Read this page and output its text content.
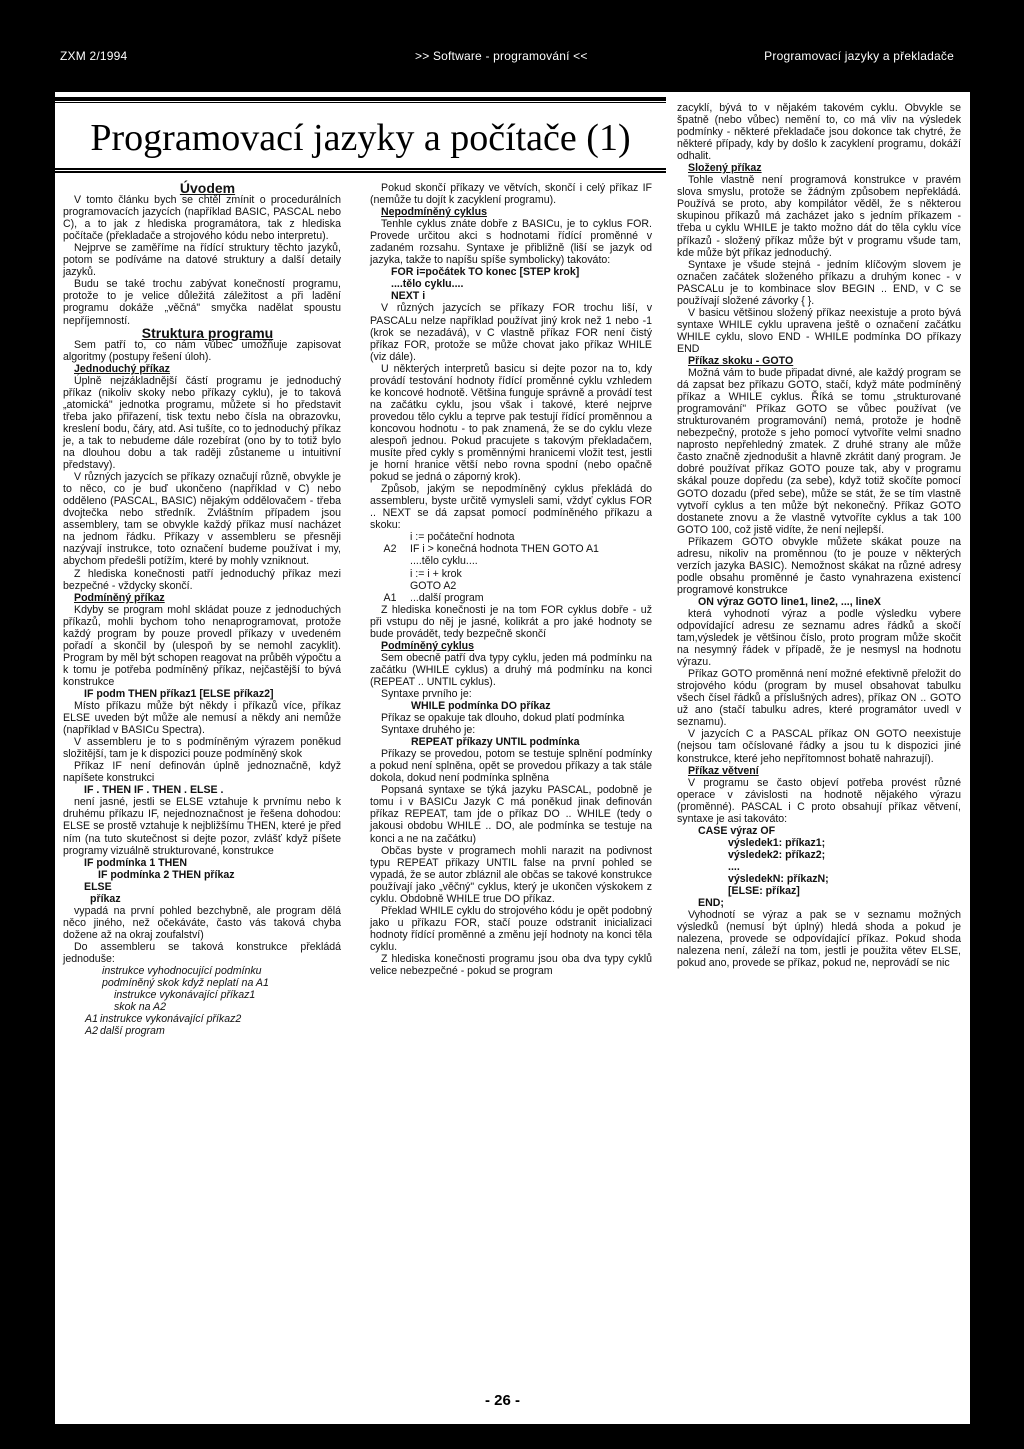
ZXM 2/1994	>> Software - programování <<	Programovací jazyky a překladače
Programovací jazyky a počítače (1)

Úvodem

V tomto článku bych se chtěl zmínit o procedurálních programovacích jazycích (například BASIC, PASCAL nebo C), a to jak z hlediska programátora, tak z hlediska počítače (překladače a strojového kódu nebo interpretu).

Nejprve se zaměříme na řídící struktury těchto jazyků, potom se podíváme na datové struktury a další detaily jazyků.

Budu se také trochu zabývat konečností programu, protože to je velice důležitá záležitost a při ladění programu dokáže „věčná" smyčka nadělat spoustu nepříjemností.

Struktura programu

Sem patří to, co nám vůbec umožňuje zapisovat algoritmy (postupy řešení úloh).

Jednoduchý příkaz

Úplně nejzákladnější částí programu je jednoduchý příkaz (nikoliv skoky nebo příkazy cyklu), je to taková „atomická" jednotka programu, můžete si ho představit třeba jako přiřazení, tisk textu nebo čísla na obrazovku, kreslení bodu, čáry, atd. Asi tušíte, co to jednoduchý příkaz je, a tak to nebudeme dále rozebírat (ono by to totiž bylo na dlouhou dobu a tak raději zůstaneme u intuitivní představy).

V různých jazycích se příkazy označují různě, obvykle je to něco, co je buď ukončeno (například v C) nebo odděleno (PASCAL, BASIC) nějakým oddělovačem - třeba dvojtečka nebo středník. Zvláštním případem jsou assemblery, tam se obvykle každý příkaz musí nacházet na jednom řádku. Příkazy v assembleru se přesněji nazývají instrukce, toto označení budeme používat i my, abychom předešli potížím, které by mohly vzniknout.

Z hlediska konečnosti patří jednoduchý příkaz mezi bezpečné - vždycky skončí.

Podmíněný příkaz

Kdyby se program mohl skládat pouze z jednoduchých příkazů, mohli bychom toho nenaprogramovat, protože každý program by pouze provedl příkazy v uvedeném pořadí a skončil by (ulespoň by se nemohl zacyklit). Program by měl být schopen reagovat na průběh výpočtu a k tomu je potřeba podmíněný příkaz, nejčastější to bývá konstrukce

IF podm THEN příkaz1 [ELSE příkaz2]

Místo příkazu může být někdy i příkazů více, příkaz ELSE uveden být může ale nemusí a někdy ani nemůže (například v BASICu Spectra).

V assembleru je to s podmíněným výrazem poněkud složitější, tam je k dispozici pouze podmíněný skok

Příkaz IF není definován úplně jednoznačně, když napíšete konstrukci

IF . THEN IF . THEN . ELSE .

není jasné, jestli se ELSE vztahuje k prvnímu nebo k druhému příkazu IF, nejednoznačnost je řešena dohodou: ELSE se prostě vztahuje k nejbližšímu THEN, které je před ním (na tuto skutečnost si dejte pozor, zvlášť když píšete programy vizuálně strukturované, konstrukce

IF podmínka 1 THEN

IF podmínka 2 THEN příkaz

ELSE

příkaz

vypadá na první pohled bezchybně, ale program dělá něco jiného, než očekáváte, často vás taková chyba dožene až na okraj zoufalství)

Do assembleru se taková konstrukce překládá jednoduše:

instrukce vyhodnocující podmínku

podmíněný skok když neplatí na A1

instrukce vykonávající příkaz1

skok na A2

A1 instrukce vykonávající příkaz2

A2 další program

Pokud skončí příkazy ve větvích, skončí i celý příkaz IF (nemůže tu dojít k zacyklení programu).

Nepodmíněný cyklus

Tenhle cyklus znáte dobře z BASICu, je to cyklus FOR. Provede určitou akci s hodnotami řídící proměnné v zadaném rozsahu. Syntaxe je přibližně (liší se jazyk od jazyka, takže to napíšu spíše symbolicky) takováto:

FOR i=počátek TO konec [STEP krok]

....tělo cyklu....

NEXT i

V různých jazycích se příkazy FOR trochu liší, v PASCALu nelze například používat jiný krok než 1 nebo -1 (krok se nezadává), v C vlastně příkaz FOR není čistý příkaz FOR, protože se může chovat jako příkaz WHILE (viz dále).

U některých interpretů basicu si dejte pozor na to, kdy provádí testování hodnoty řídící proměnné cyklu vzhledem ke koncové hodnotě. Většina funguje správně a provádí test na začátku cyklu, jsou však i takové, které nejprve provedou tělo cyklu a teprve pak testují řídící proměnnou a koncovou hodnotu - to pak znamená, že se do cyklu vleze alespoň jednou. Pokud pracujete s takovým překladačem, musíte před cykly s proměnnými hranicemi vložit test, jestli je horní hranice větší nebo rovna spodní (nebo opačně pokud se jedná o záporný krok).

Způsob, jakým se nepodmíněný cyklus překládá do assembleru, byste určitě vymysleli sami, vždyť cyklus FOR .. NEXT se dá zapsat pomocí podmíněného příkazu a skoku:

i := počáteční hodnota

A2 IF i > konečná hodnota THEN GOTO A1

....tělo cyklu....

i := i + krok

GOTO A2

A1 ...další program

Z hlediska konečnosti je na tom FOR cyklus dobře - už při vstupu do něj je jasné, kolikrát a pro jaké hodnoty se bude provádět, tedy bezpečně skončí

Podmíněný cyklus

Sem obecně patří dva typy cyklu, jeden má podmínku na začátku (WHILE cyklus) a druhý má podmínku na konci (REPEAT .. UNTIL cyklus).

Syntaxe prvního je:

WHILE podmínka DO příkaz

Příkaz se opakuje tak dlouho, dokud platí podmínka

Syntaxe druhého je:

REPEAT příkazy UNTIL podmínka

Příkazy se provedou, potom se testuje splnění podmínky a pokud není splněna, opět se provedou příkazy a tak stále dokola, dokud není podmínka splněna

Popsaná syntaxe se týká jazyku PASCAL, podobně je tomu i v BASICu Jazyk C má poněkud jinak definován příkaz REPEAT, tam jde o příkaz DO .. WHILE (tedy o jakousi obdobu WHILE .. DO, ale podmínka se testuje na konci a ne na začátku)

Občas byste v programech mohli narazit na podivnost typu REPEAT příkazy UNTIL false na první pohled se vypadá, že se autor zbláznil ale občas se takové konstrukce používají jako „věčný" cyklus, který je ukončen výskokem z cyklu. Obdobně WHILE true DO příkaz.

Překlad WHILE cyklu do strojového kódu je opět podobný jako u příkazu FOR, stačí pouze odstranit inicializaci hodnoty řídící proměnné a změnu její hodnoty na konci těla cyklu.

Z hlediska konečnosti programu jsou oba dva typy cyklů velice nebezpečné - pokud se program

zacyklí, bývá to v nějakém takovém cyklu. Obvykle se špatně (nebo vůbec) nemění to, co má vliv na výsledek podmínky - některé překladače jsou dokonce tak chytré, že některé případy, kdy by došlo k zacyklení programu, dokáží odhalit.

Složený příkaz

Tohle vlastně není programová konstrukce v pravém slova smyslu, protože se žádným způsobem nepřekládá. Používá se proto, aby kompilátor věděl, že s některou skupinou příkazů má zacházet jako s jedním příkazem - třeba u cyklu WHILE je takto možno dát do těla cyklu více příkazů - složený příkaz může být v programu všude tam, kde může být příkaz jednoduchý.

Syntaxe je všude stejná - jedním klíčovým slovem je označen začátek složeného příkazu a druhým konec - v PASCALu je to kombinace slov BEGIN .. END, v C se používají složené závorky { }.

V basicu většinou složený příkaz neexistuje a proto bývá syntaxe WHILE cyklu upravena ještě o označení začátku WHILE cyklu, slovo END - WHILE podmínka DO příkazy END

Příkaz skoku - GOTO

Možná vám to bude připadat divné, ale každý program se dá zapsat bez příkazu GOTO, stačí, když máte podmíněný příkaz a WHILE cyklus. Říká se tomu „strukturované programování" Příkaz GOTO se vůbec používat (ve strukturovaném programování) nemá, protože je hodně nebezpečný, protože s jeho pomocí vytvoříte velmi snadno naprosto nepřehledný zmatek. Z druhé strany ale může často značně zjednodušit a hlavně zkrátit daný program. Je dobré používat příkaz GOTO pouze tak, aby v programu skákal pouze dopředu (za sebe), když totiž skočíte pomocí GOTO dozadu (před sebe), může se stát, že se tím vlastně vytvoří cyklus a ten může být nekonečný. Příkaz GOTO dostanete znovu a že vlastně vytvoříte cyklus a tak 100 GOTO 100, což jistě vidíte, že není nejlepší.

Příkazem GOTO obvykle můžete skákat pouze na adresu, nikoliv na proměnnou (to je pouze v některých verzích jazyka BASIC). Nemožnost skákat na různé adresy podle obsahu proměnné je často vynahrazena existencí programové konstrukce

ON výraz GOTO line1, line2, ..., lineX

která vyhodnotí výraz a podle výsledku vybere odpovídající adresu ze seznamu adres řádků a skočí tam,výsledek je většinou číslo, proto program může skočit na nesymný řádek v případě, že je nesmysl na hodnotu výrazu.

Příkaz GOTO proměnná není možné efektivně přeložit do strojového kódu (program by musel obsahovat tabulku všech čísel řádků a příslušných adres), příkaz ON .. GOTO už ano (stačí tabulku adres, které programátor uvedl v seznamu).

V jazycích C a PASCAL příkaz ON GOTO neexistuje (nejsou tam očíslované řádky a jsou tu k dispozici jiné konstrukce, které jeho nepřítomnost bohatě nahrazují).

Příkaz větvení

V programu se často objeví potřeba provést různé operace v závislosti na hodnotě nějakého výrazu (proměnné). PASCAL i C proto obsahují příkaz větvení, syntaxe je asi takováto:

CASE výraz OF

výsledek1: příkaz1;

výsledek2: příkaz2;

....

výsledekN: příkazN;

[ELSE: příkaz]

END;

Vyhodnotí se výraz a pak se v seznamu možných výsledků (nemusí být úplný) hledá shoda a pokud je nalezena, provede se odpovídající příkaz. Pokud shoda nalezena není, záleží na tom, jestli je použita větev ELSE, pokud ano, provede se příkaz, pokud ne, neprovádí se nic

- 26 -
